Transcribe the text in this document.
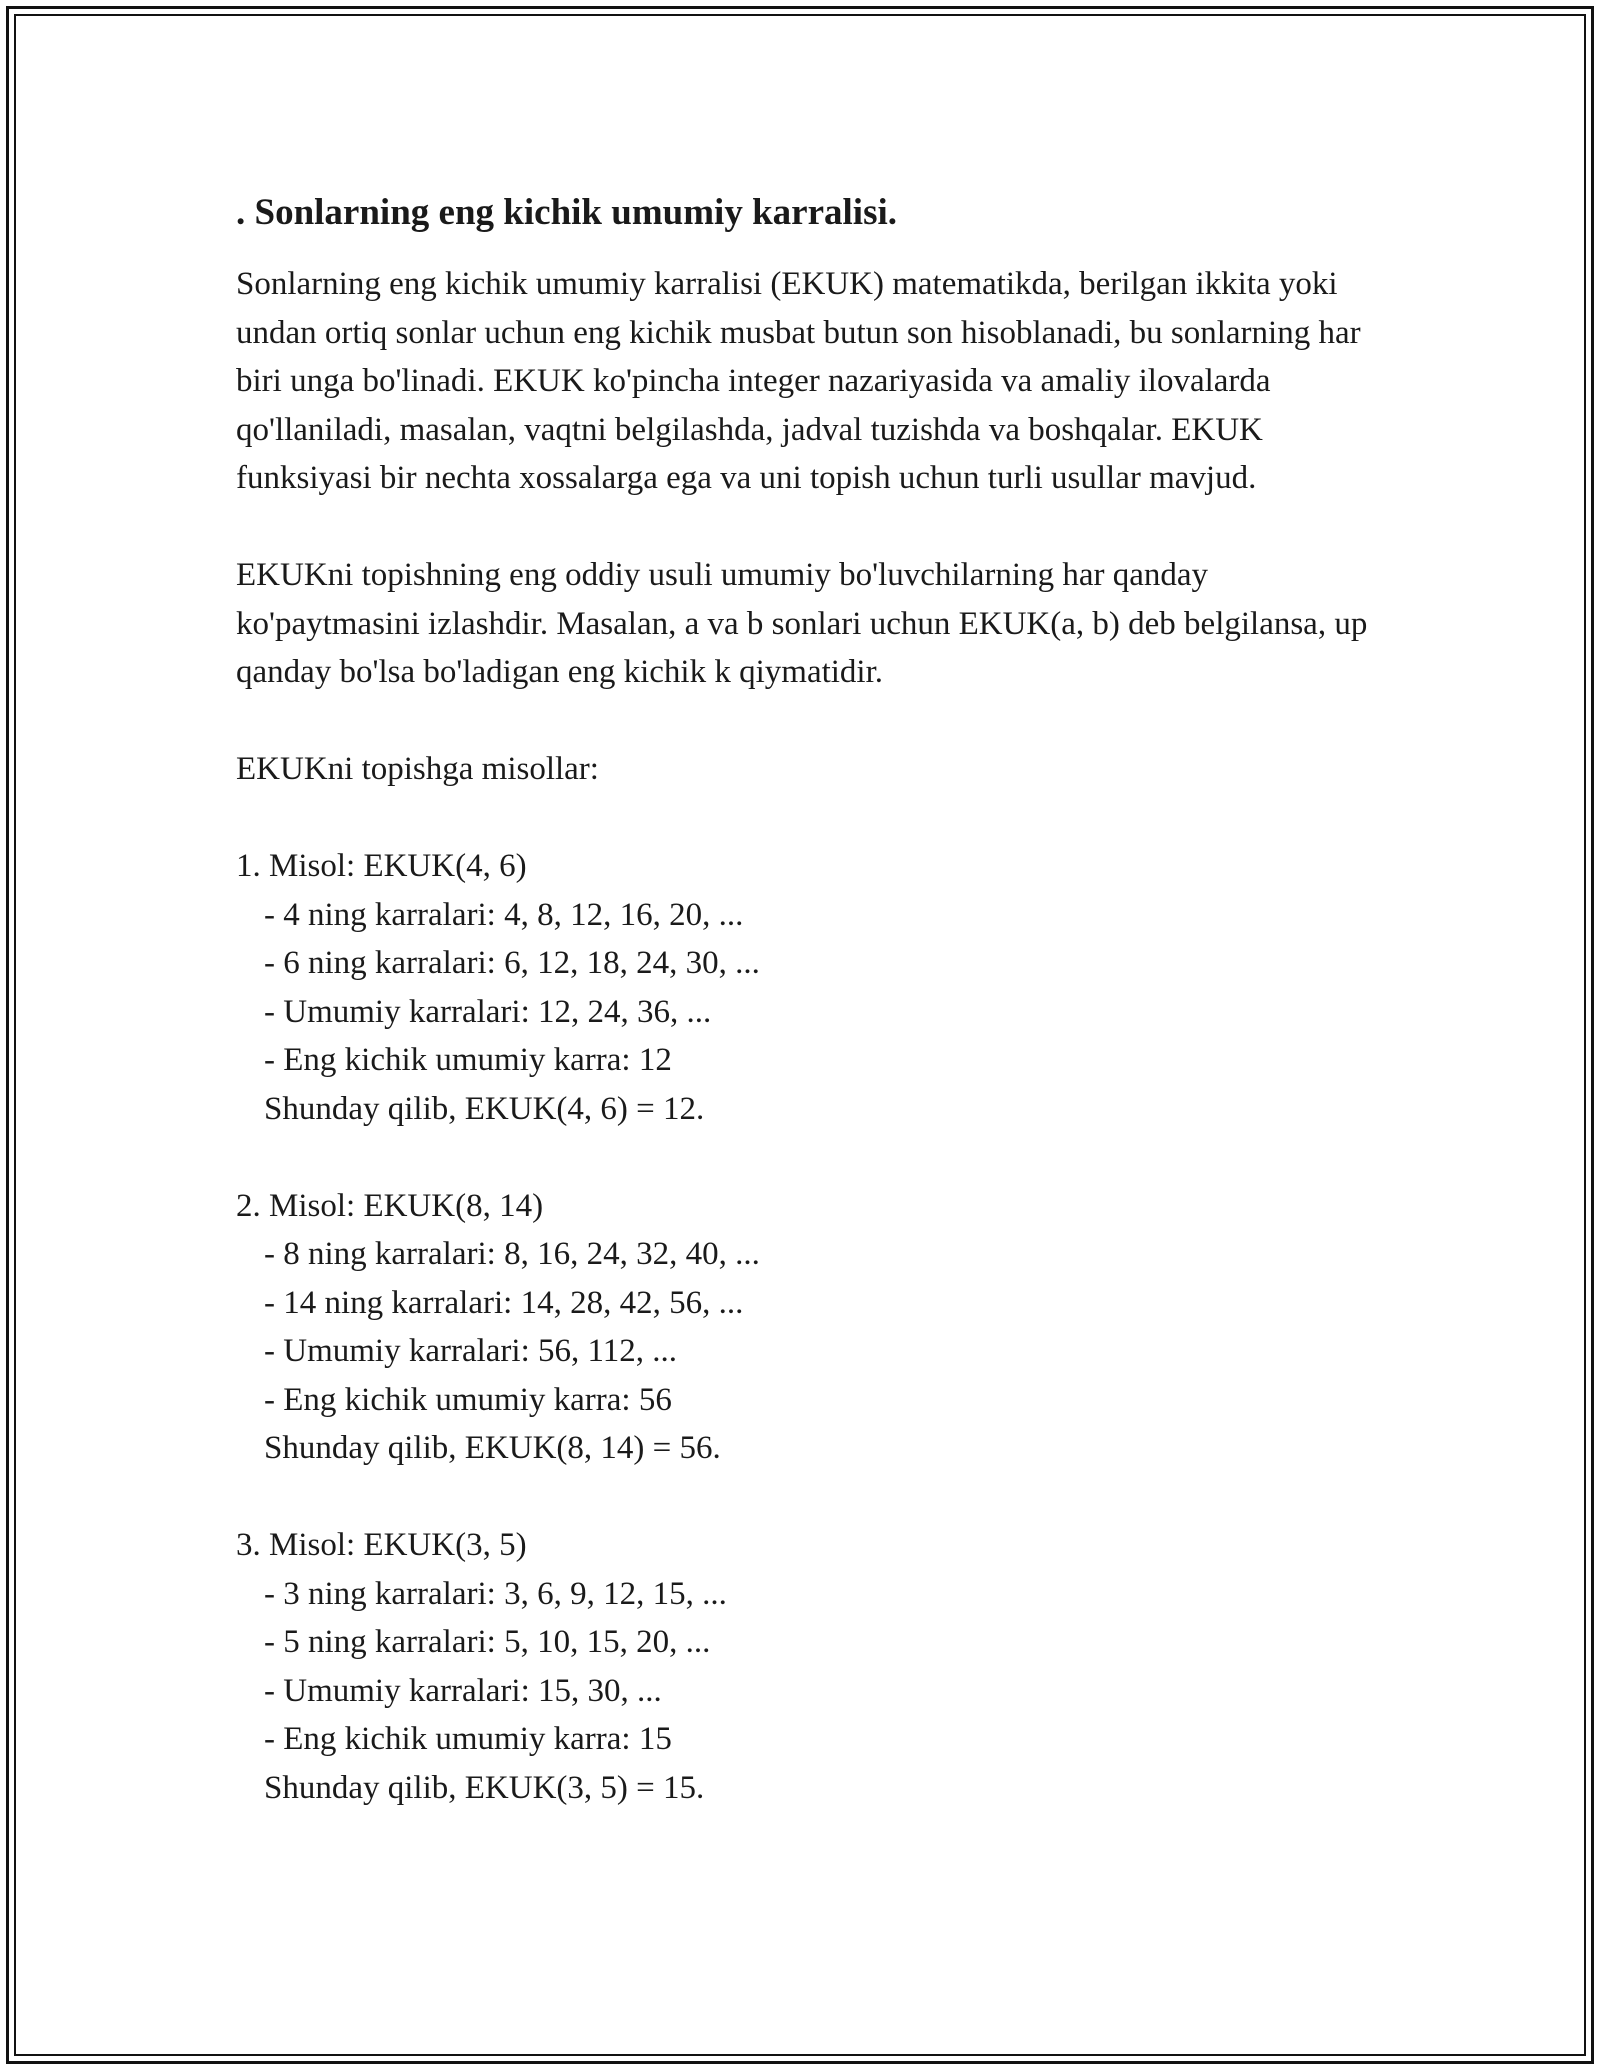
. Sonlarning eng kichik umumiy karralisi.

Sonlarning eng kichik umumiy karralisi (EKUK) matematikda, berilgan ikkita yoki undan ortiq sonlar uchun eng kichik musbat butun son hisoblanadi, bu sonlarning har biri unga bo'linadi. EKUK ko'pincha integer nazariyasida va amaliy ilovalarda qo'llaniladi, masalan, vaqtni belgilashda, jadval tuzishda va boshqalar. EKUK funksiyasi bir nechta xossalarga ega va uni topish uchun turli usullar mavjud.

EKUKni topishning eng oddiy usuli umumiy bo'luvchilarning har qanday ko'paytmasini izlashdir. Masalan, a va b sonlari uchun EKUK(a, b) deb belgilansa, up qanday bo'lsa bo'ladigan eng kichik k qiymatidir.

EKUKni topishga misollar:

1. Misol: EKUK(4, 6)

- 4 ning karralari: 4, 8, 12, 16, 20, ...

- 6 ning karralari: 6, 12, 18, 24, 30, ...

- Umumiy karralari: 12, 24, 36, ...

- Eng kichik umumiy karra: 12

Shunday qilib, EKUK(4, 6) = 12.

2. Misol: EKUK(8, 14)

- 8 ning karralari: 8, 16, 24, 32, 40, ...

- 14 ning karralari: 14, 28, 42, 56, ...

- Umumiy karralari: 56, 112, ...

- Eng kichik umumiy karra: 56

Shunday qilib, EKUK(8, 14) = 56.

3. Misol: EKUK(3, 5)

- 3 ning karralari: 3, 6, 9, 12, 15, ...

- 5 ning karralari: 5, 10, 15, 20, ...

- Umumiy karralari: 15, 30, ...

- Eng kichik umumiy karra: 15

Shunday qilib, EKUK(3, 5) = 15.
